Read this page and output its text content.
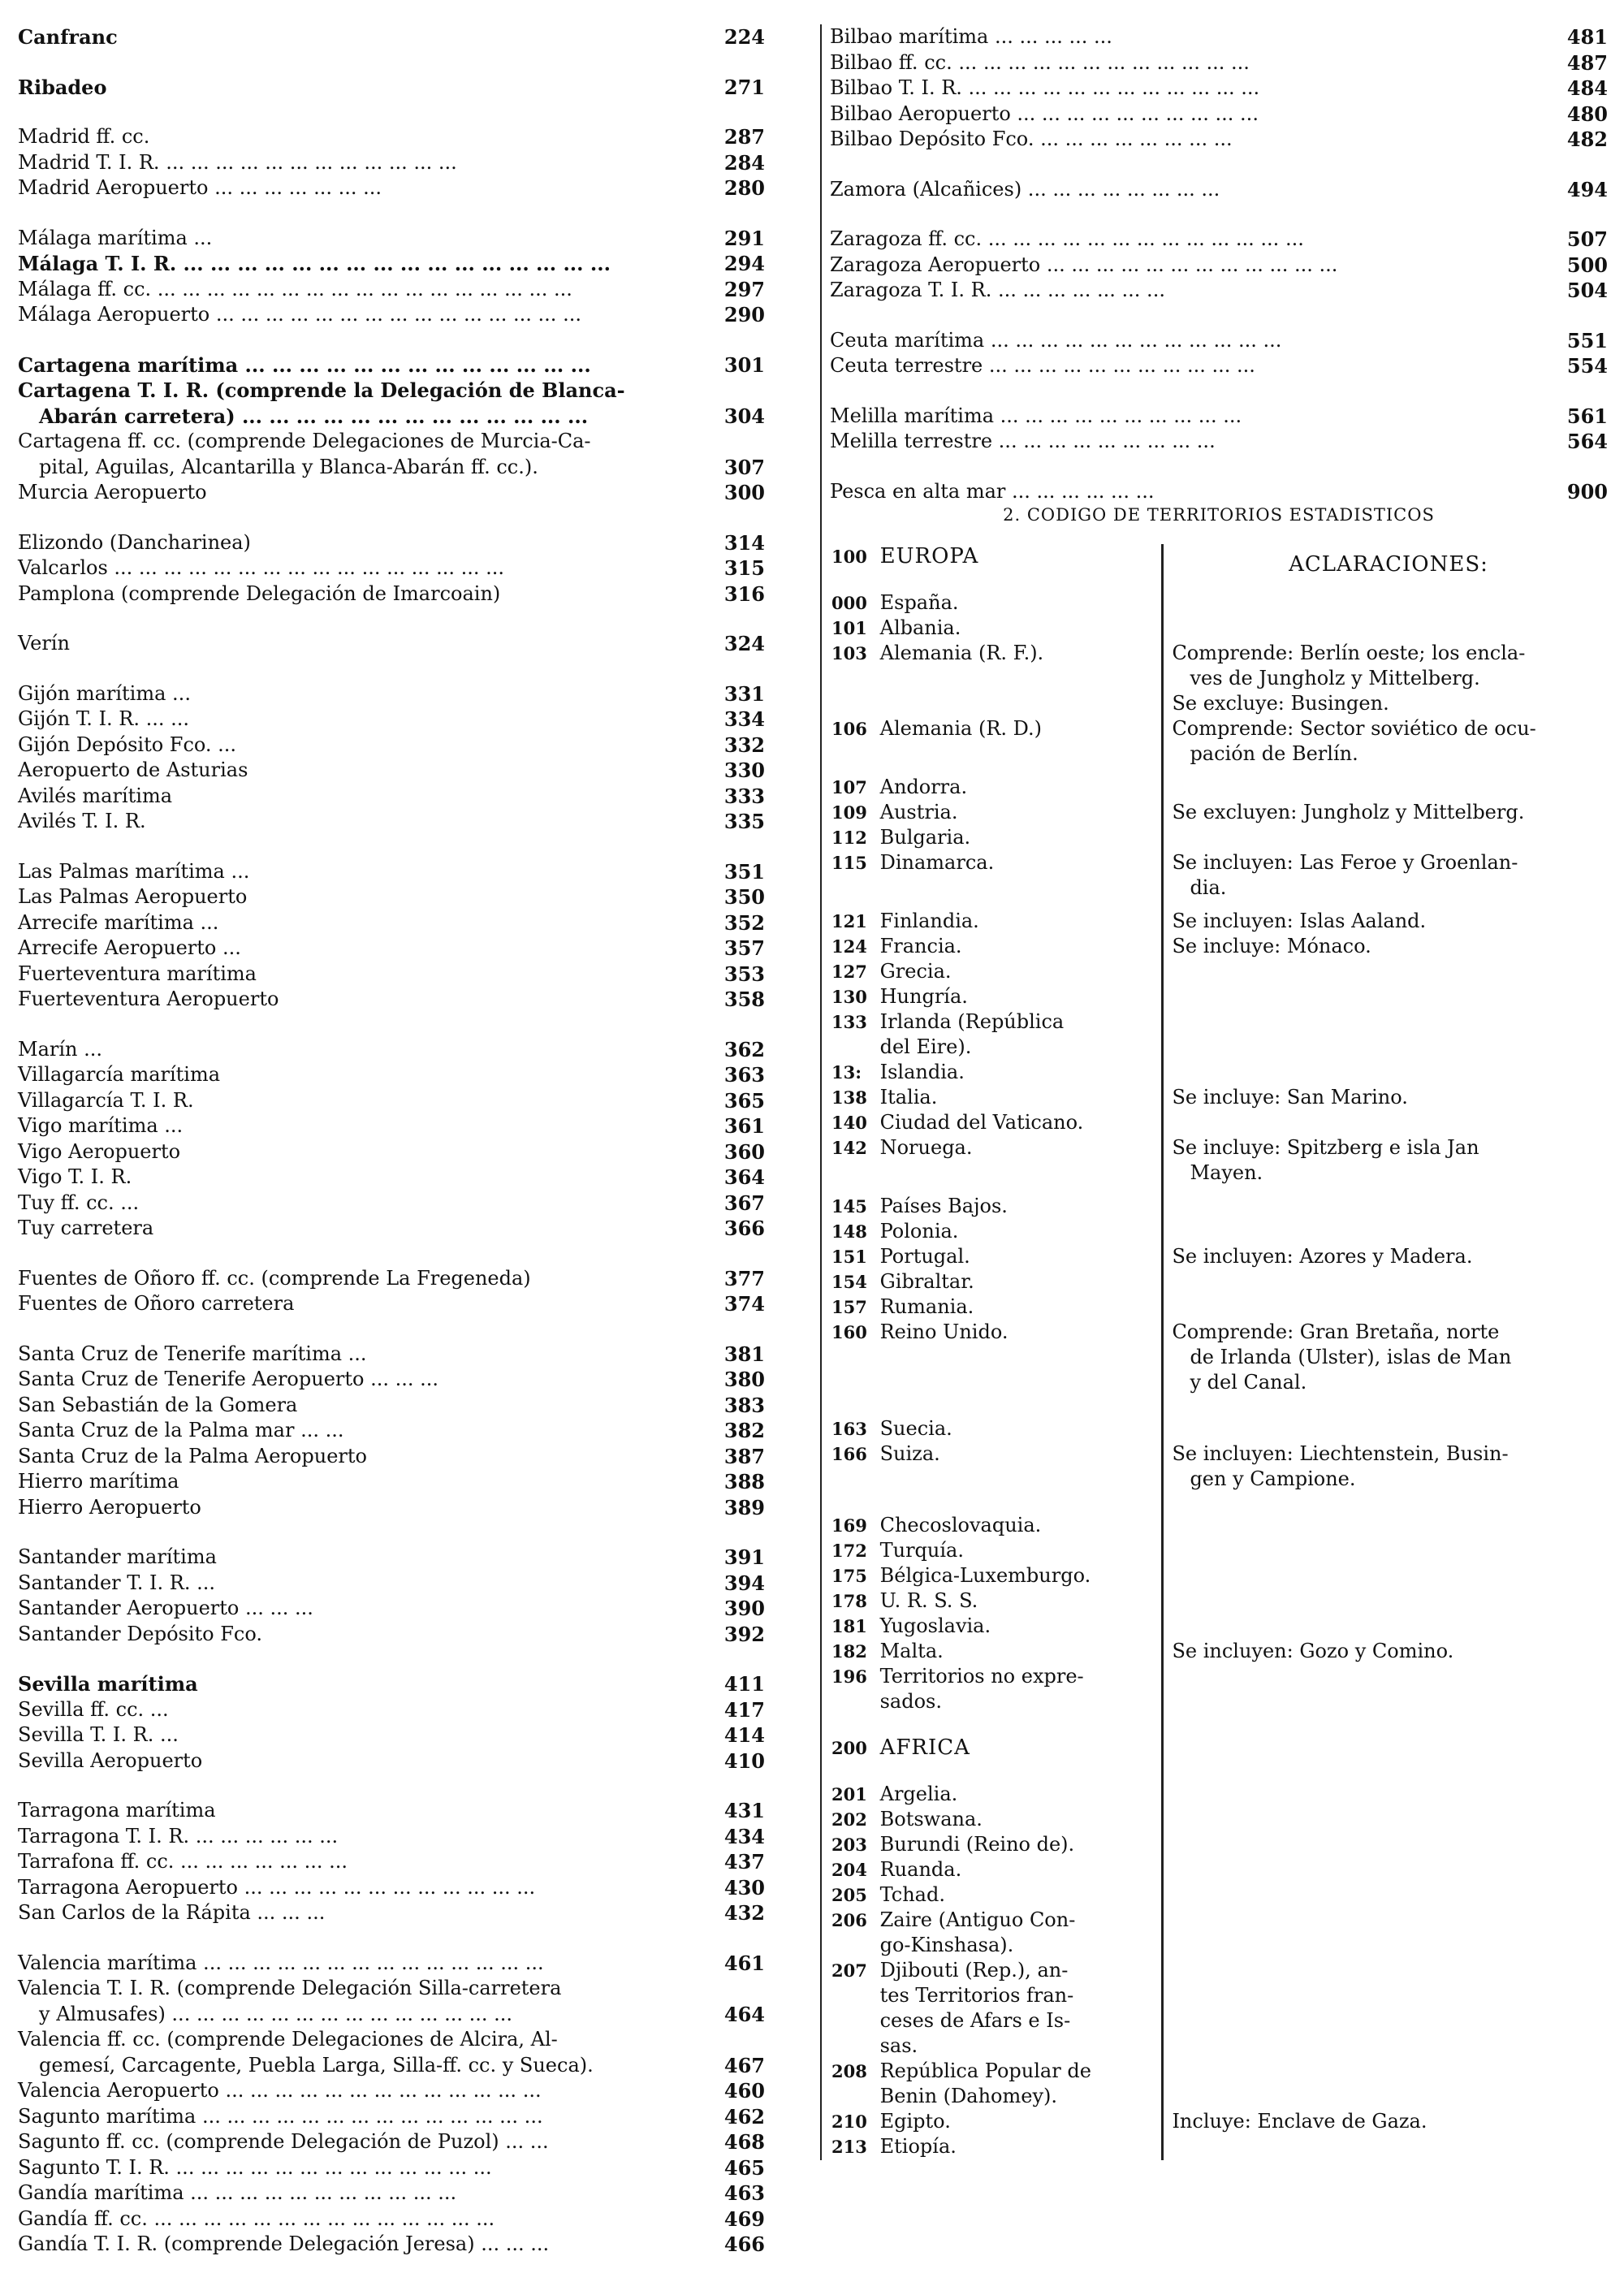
Canfranc	224
Ribadeo	271
Madrid ff. cc.	287
Madrid T. I. R. ... ... ... ... ... ... ... ... ... ... ... ...	284
Madrid Aeropuerto ... ... ... ... ... ... ...	280
Málaga marítima ...	291
Málaga T. I. R. ... ... ... ... ... ... ... ... ... ... ... ... ... ... ... ...	294
Málaga ff. cc. ... ... ... ... ... ... ... ... ... ... ... ... ... ... ... ... ...	297
Málaga Aeropuerto ... ... ... ... ... ... ... ... ... ... ... ... ... ... ...	290
Cartagena marítima ... ... ... ... ... ... ... ... ... ... ... ... ...	301
Cartagena T. I. R. (comprende la Delegación de Blanca-
Abarán carretera) ... ... ... ... ... ... ... ... ... ... ... ... ...	304
Cartagena ff. cc. (comprende Delegaciones de Murcia-Ca-
pital, Aguilas, Alcantarilla y Blanca-Abarán ff. cc.).	307
Murcia Aeropuerto	300
Elizondo (Dancharinea)	314
Valcarlos ... ... ... ... ... ... ... ... ... ... ... ... ... ... ... ...	315
Pamplona (comprende Delegación de Imarcoain)	316
Verín	324
Gijón marítima ...	331
Gijón T. I. R. ... ...	334
Gijón Depósito Fco. ...	332
Aeropuerto de Asturias	330
Avilés marítima	333
Avilés T. I. R.	335
Las Palmas marítima ...	351
Las Palmas Aeropuerto	350
Arrecife marítima ...	352
Arrecife Aeropuerto ...	357
Fuerteventura marítima	353
Fuerteventura Aeropuerto	358
Marín ...	362
Villagarcía marítima	363
Villagarcía T. I. R.	365
Vigo marítima ...	361
Vigo Aeropuerto	360
Vigo T. I. R.	364
Tuy ff. cc. ...	367
Tuy carretera	366
Fuentes de Oñoro ff. cc. (comprende La Fregeneda)	377
Fuentes de Oñoro carretera	374
Santa Cruz de Tenerife marítima ...	381
Santa Cruz de Tenerife Aeropuerto ... ... ...	380
San Sebastián de la Gomera	383
Santa Cruz de la Palma mar ... ...	382
Santa Cruz de la Palma Aeropuerto	387
Hierro marítima	388
Hierro Aeropuerto	389
Santander marítima	391
Santander T. I. R. ...	394
Santander Aeropuerto ... ... ...	390
Santander Depósito Fco.	392
Sevilla marítima	411
Sevilla ff. cc. ...	417
Sevilla T. I. R. ...	414
Sevilla Aeropuerto	410
Tarragona marítima	431
Tarragona T. I. R. ... ... ... ... ... ...	434
Tarrafona ff. cc. ... ... ... ... ... ... ...	437
Tarragona Aeropuerto ... ... ... ... ... ... ... ... ... ... ... ...	430
San Carlos de la Rápita ... ... ...	432
Valencia marítima ... ... ... ... ... ... ... ... ... ... ... ... ... ...	461
Valencia T. I. R. (comprende Delegación Silla-carretera
y Almusafes) ... ... ... ... ... ... ... ... ... ... ... ... ... ...	464
Valencia ff. cc. (comprende Delegaciones de Alcira, Al-
gemesí, Carcagente, Puebla Larga, Silla-ff. cc. y Sueca).	467
Valencia Aeropuerto ... ... ... ... ... ... ... ... ... ... ... ... ...	460
Sagunto marítima ... ... ... ... ... ... ... ... ... ... ... ... ... ...	462
Sagunto ff. cc. (comprende Delegación de Puzol) ... ...	468
Sagunto T. I. R. ... ... ... ... ... ... ... ... ... ... ... ... ...	465
Gandía marítima ... ... ... ... ... ... ... ... ... ... ...	463
Gandía ff. cc. ... ... ... ... ... ... ... ... ... ... ... ... ... ...	469
Gandía T. I. R. (comprende Delegación Jeresa) ... ... ...	466
Bilbao marítima ... ... ... ... ...	481
Bilbao ff. cc. ... ... ... ... ... ... ... ... ... ... ... ...	487
Bilbao T. I. R. ... ... ... ... ... ... ... ... ... ... ... ...	484
Bilbao Aeropuerto ... ... ... ... ... ... ... ... ... ...	480
Bilbao Depósito Fco. ... ... ... ... ... ... ... ...	482
Zamora (Alcañices) ... ... ... ... ... ... ... ...	494
Zaragoza ff. cc. ... ... ... ... ... ... ... ... ... ... ... ... ...	507
Zaragoza Aeropuerto ... ... ... ... ... ... ... ... ... ... ... ...	500
Zaragoza T. I. R. ... ... ... ... ... ... ...	504
Ceuta marítima ... ... ... ... ... ... ... ... ... ... ... ...	551
Ceuta terrestre ... ... ... ... ... ... ... ... ... ... ...	554
Melilla marítima ... ... ... ... ... ... ... ... ... ...	561
Melilla terrestre ... ... ... ... ... ... ... ... ...	564
Pesca en alta mar ... ... ... ... ... ...	900
2. CODIGO DE TERRITORIOS ESTADISTICOS
ACLARACIONES:
100 EUROPA
000 España.
101 Albania.
103 Alemania (R. F.).	Comprende: Berlín oeste; los encla-
ves de Jungholz y Mittelberg.
Se excluye: Busingen.
106 Alemania (R. D.)	Comprende: Sector soviético de ocu-
pación de Berlín.
107 Andorra.
109 Austria.	Se excluyen: Jungholz y Mittelberg.
112 Bulgaria.
115 Dinamarca.	Se incluyen: Las Feroe y Groenlan-
dia.
121 Finlandia.	Se incluyen: Islas Aaland.
124 Francia.	Se incluye: Mónaco.
127 Grecia.
130 Hungría.
133 Irlanda (República
del Eire).
13: Islandia.
138 Italia.	Se incluye: San Marino.
140 Ciudad del Vaticano.
142 Noruega.	Se incluye: Spitzberg e isla Jan
Mayen.
145 Países Bajos.
148 Polonia.
151 Portugal.	Se incluyen: Azores y Madera.
154 Gibraltar.
157 Rumania.
160 Reino Unido.	Comprende: Gran Bretaña, norte
de Irlanda (Ulster), islas de Man
y del Canal.
163 Suecia.
166 Suiza.	Se incluyen: Liechtenstein, Busin-
gen y Campione.
169 Checoslovaquia.
172 Turquía.
175 Bélgica-Luxemburgo.
178 U. R. S. S.
181 Yugoslavia.
182 Malta.	Se incluyen: Gozo y Comino.
196 Territorios no expre-
sados.
200 AFRICA
201 Argelia.
202 Botswana.
203 Burundi (Reino de).
204 Ruanda.
205 Tchad.
206 Zaire (Antiguo Con-
go-Kinshasa).
207 Djibouti (Rep.), an-
tes Territorios fran-
ceses de Afars e Is-
sas.
208 República Popular de
Benin (Dahomey).
210 Egipto.	Incluye: Enclave de Gaza.
213 Etiopía.
